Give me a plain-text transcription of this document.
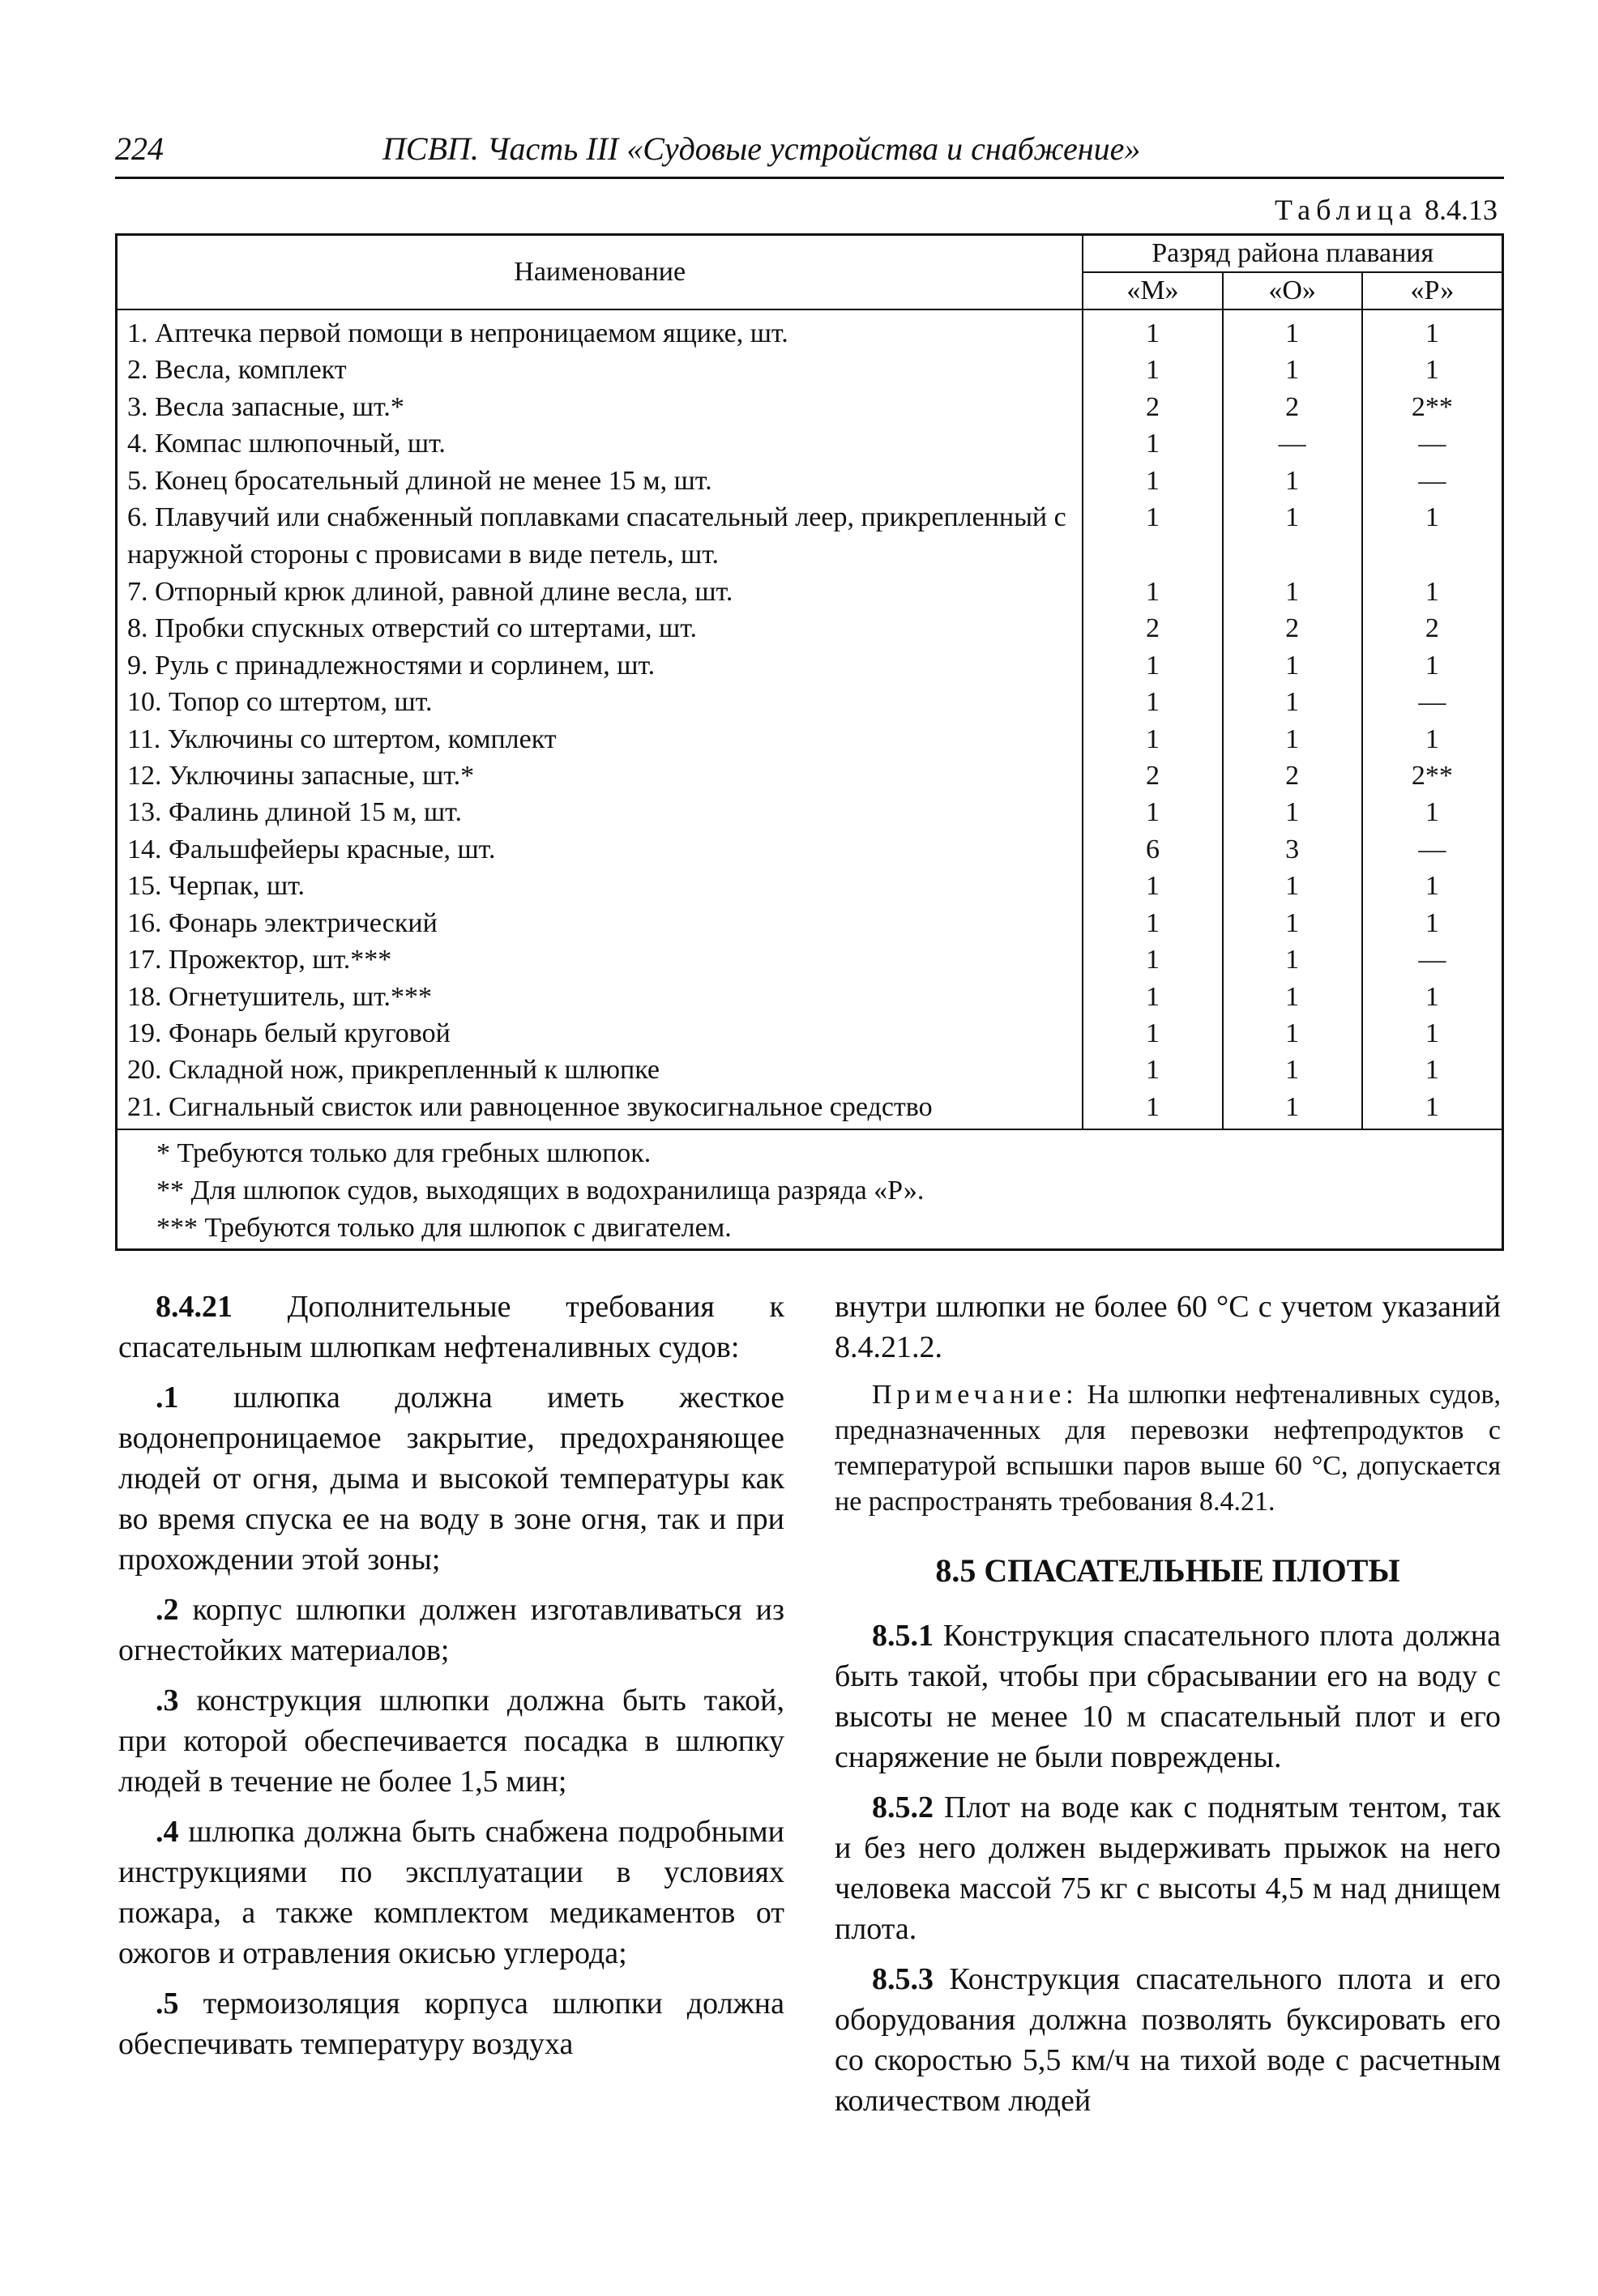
224	ПСВП. Часть III «Судовые устройства и снабжение»
Таблица 8.4.13
Наименование	Разряд района плавания		
	«М»	«О»	«Р»
1. Аптечка первой помощи в непроницаемом ящике, шт.	1	1	1
2. Весла, комплект	1	1	1
3. Весла запасные, шт.*	2	2	2**
4. Компас шлюпочный, шт.	1	—	—
5. Конец бросательный длиной не менее 15 м, шт.	1	1	—
6. Плавучий или снабженный поплавками спасательный леер, прикрепленный с наружной стороны с провисами в виде петель, шт.	1	1	1
7. Отпорный крюк длиной, равной длине весла, шт.	1	1	1
8. Пробки спускных отверстий со штертами, шт.	2	2	2
9. Руль с принадлежностями и сорлинем, шт.	1	1	1
10. Топор со штертом, шт.	1	1	—
11. Уключины со штертом, комплект	1	1	1
12. Уключины запасные, шт.*	2	2	2**
13. Фалинь длиной 15 м, шт.	1	1	1
14. Фальшфейеры красные, шт.	6	3	—
15. Черпак, шт.	1	1	1
16. Фонарь электрический	1	1	1
17. Прожектор, шт.***	1	1	—
18. Огнетушитель, шт.***	1	1	1
19. Фонарь белый круговой	1	1	1
20. Складной нож, прикрепленный к шлюпке	1	1	1
21. Сигнальный свисток или равноценное звукосигнальное средство	1	1	1
* Требуются только для гребных шлюпок.
** Для шлюпок судов, выходящих в водохранилища разряда «Р».
*** Требуются только для шлюпок с двигателем.

8.4.21 Дополнительные требования к спасательным шлюпкам нефтеналивных судов:

.1 шлюпка должна иметь жесткое водонепроницаемое закрытие, предохраняющее людей от огня, дыма и высокой температуры как во время спуска ее на воду в зоне огня, так и при прохождении этой зоны;

.2 корпус шлюпки должен изготавливаться из огнестойких материалов;

.3 конструкция шлюпки должна быть такой, при которой обеспечивается посадка в шлюпку людей в течение не более 1,5 мин;

.4 шлюпка должна быть снабжена подробными инструкциями по эксплуатации в условиях пожара, а также комплектом медикаментов от ожогов и отравления окисью углерода;

.5 термоизоляция корпуса шлюпки должна обеспечивать температуру воздуха

внутри шлюпки не более 60 °С с учетом указаний 8.4.21.2.

Примечание: На шлюпки нефтеналивных судов, предназначенных для перевозки нефтепродуктов с температурой вспышки паров выше 60 °С, допускается не распространять требования 8.4.21.

8.5 СПАСАТЕЛЬНЫЕ ПЛОТЫ

8.5.1 Конструкция спасательного плота должна быть такой, чтобы при сбрасывании его на воду с высоты не менее 10 м спасательный плот и его снаряжение не были повреждены.

8.5.2 Плот на воде как с поднятым тентом, так и без него должен выдерживать прыжок на него человека массой 75 кг с высоты 4,5 м над днищем плота.

8.5.3 Конструкция спасательного плота и его оборудования должна позволять буксировать его со скоростью 5,5 км/ч на тихой воде с расчетным количеством людей
